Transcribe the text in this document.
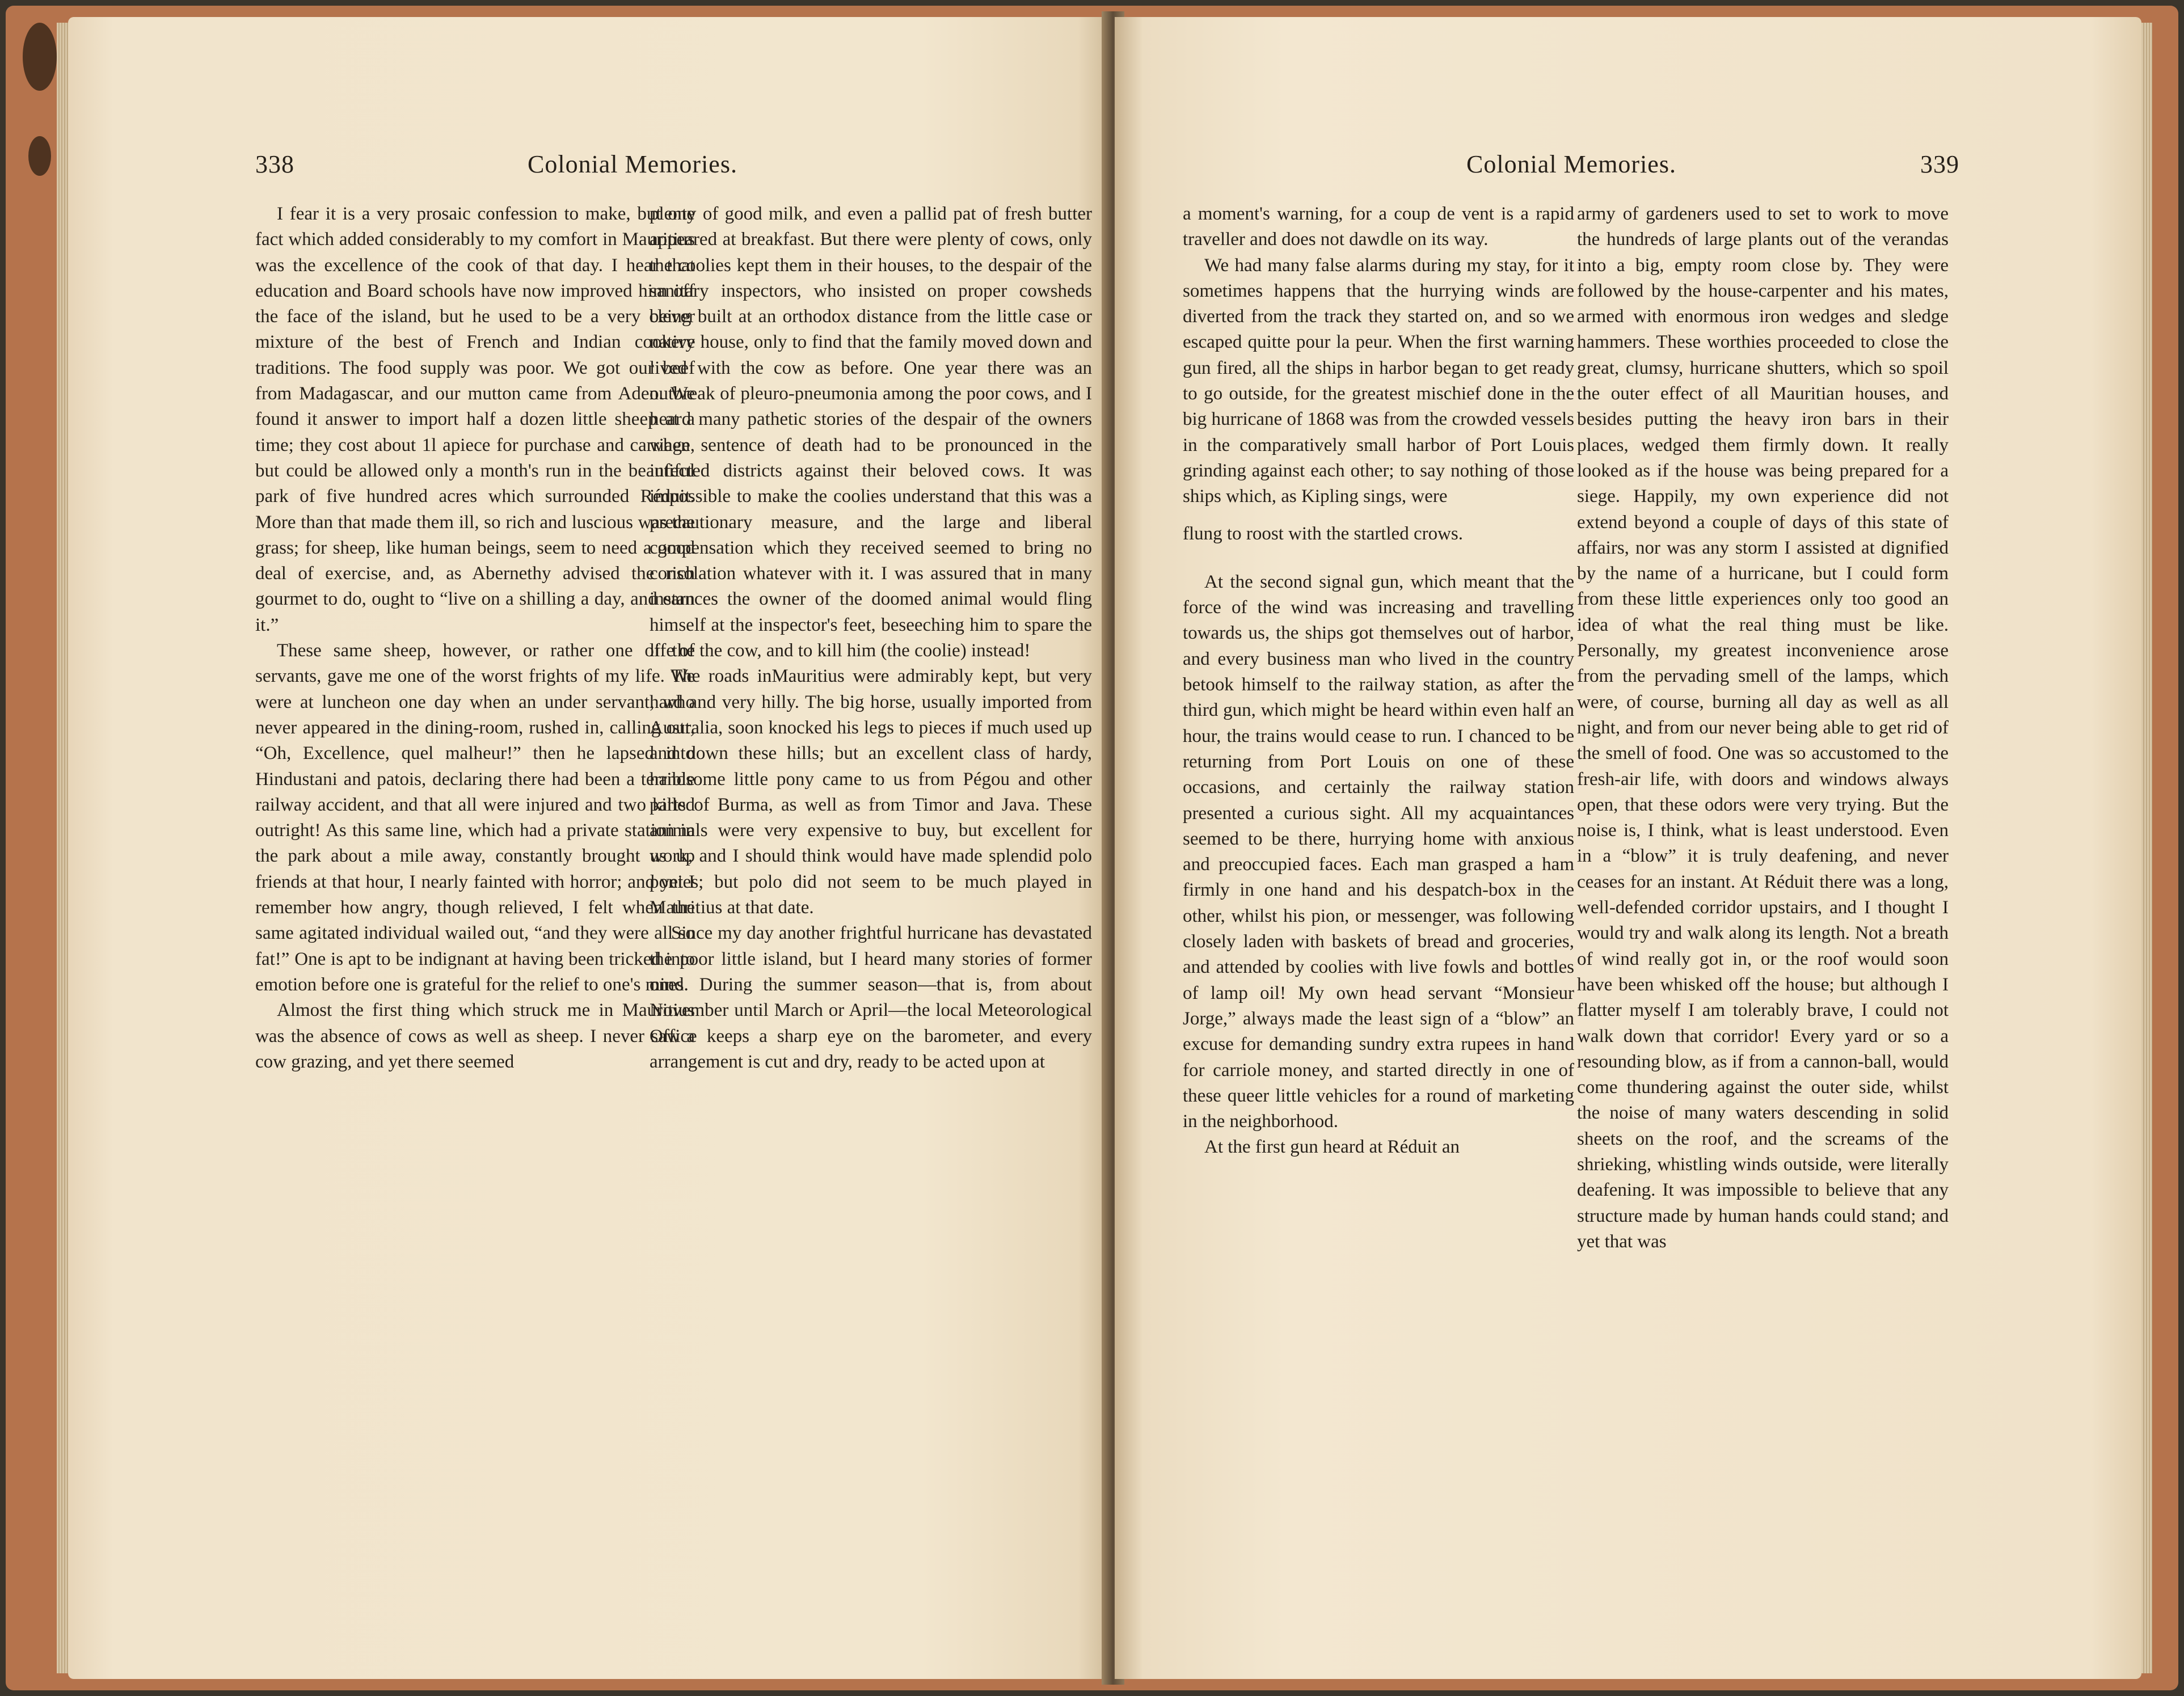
338	Colonial Memories.

I fear it is a very prosaic confession to make, but one fact which added considerably to my comfort in Mauritius was the excellence of the cook of that day. I hear that education and Board schools have now improved him off the face of the island, but he used to be a very clever mixture of the best of French and Indian cookery traditions. The food supply was poor. We got our beef from Madagascar, and our mutton came from Aden. We found it answer to import half a dozen little sheep at a time; they cost about 1l apiece for purchase and carriage, but could be allowed only a month's run in the beautiful park of five hundred acres which surrounded Réduit. More than that made them ill, so rich and luscious was the grass; for sheep, like human beings, seem to need a good deal of exercise, and, as Abernethy advised the rich gourmet to do, ought to “live on a shilling a day, and earn it.”

These same sheep, however, or rather one of the servants, gave me one of the worst frights of my life. We were at luncheon one day when an under servant, who never appeared in the dining-room, rushed in, calling out, “Oh, Excellence, quel malheur!” then he lapsed into Hindustani and patois, declaring there had been a terrible railway accident, and that all were injured and two killed outright! As this same line, which had a private station in the park about a mile away, constantly brought us up friends at that hour, I nearly fainted with horror; and yet I remember how angry, though relieved, I felt when the same agitated individual wailed out, “and they were all so fat!” One is apt to be indignant at having been tricked into emotion before one is grateful for the relief to one's mind.

Almost the first thing which struck me in Mauritius was the absence of cows as well as sheep. I never saw a cow grazing, and yet there seemed

plenty of good milk, and even a pallid pat of fresh butter appeared at breakfast. But there were plenty of cows, only the coolies kept them in their houses, to the despair of the sanitary inspectors, who insisted on proper cowsheds being built at an orthodox distance from the little case or native house, only to find that the family moved down and lived with the cow as before. One year there was an outbreak of pleuro-pneumonia among the poor cows, and I heard many pathetic stories of the despair of the owners when sentence of death had to be pronounced in the infected districts against their beloved cows. It was impossible to make the coolies understand that this was a precautionary measure, and the large and liberal compensation which they received seemed to bring no consolation whatever with it. I was assured that in many instances the owner of the doomed animal would fling himself at the inspector's feet, beseeching him to spare the life of the cow, and to kill him (the coolie) instead!

The roads inMauritius were admirably kept, but very hard and very hilly. The big horse, usually imported from Australia, soon knocked his legs to pieces if much used up and down these hills; but an excellent class of hardy, handsome little pony came to us from Pégou and other parts of Burma, as well as from Timor and Java. These animals were very expensive to buy, but excellent for work, and I should think would have made splendid polo ponies; but polo did not seem to be much played in Mauritius at that date.

Since my day another frightful hurricane has devastated the poor little island, but I heard many stories of former ones. During the summer season—that is, from about November until March or April—the local Meteorological Office keeps a sharp eye on the barometer, and every arrangement is cut and dry, ready to be acted upon at

Colonial Memories.	339

a moment's warning, for a coup de vent is a rapid traveller and does not dawdle on its way.

We had many false alarms during my stay, for it sometimes happens that the hurrying winds are diverted from the track they started on, and so we escaped quitte pour la peur. When the first warning gun fired, all the ships in harbor began to get ready to go outside, for the greatest mischief done in the big hurricane of 1868 was from the crowded vessels in the comparatively small harbor of Port Louis grinding against each other; to say nothing of those ships which, as Kipling sings, were

flung to roost with the startled crows.

At the second signal gun, which meant that the force of the wind was increasing and travelling towards us, the ships got themselves out of harbor, and every business man who lived in the country betook himself to the railway station, as after the third gun, which might be heard within even half an hour, the trains would cease to run. I chanced to be returning from Port Louis on one of these occasions, and certainly the railway station presented a curious sight. All my acquaintances seemed to be there, hurrying home with anxious and preoccupied faces. Each man grasped a ham firmly in one hand and his despatch-box in the other, whilst his pion, or messenger, was following closely laden with baskets of bread and groceries, and attended by coolies with live fowls and bottles of lamp oil! My own head servant “Monsieur Jorge,” always made the least sign of a “blow” an excuse for demanding sundry extra rupees in hand for carriole money, and started directly in one of these queer little vehicles for a round of marketing in the neighborhood.

At the first gun heard at Réduit an

army of gardeners used to set to work to move the hundreds of large plants out of the verandas into a big, empty room close by. They were followed by the house-carpenter and his mates, armed with enormous iron wedges and sledge hammers. These worthies proceeded to close the great, clumsy, hurricane shutters, which so spoil the outer effect of all Mauritian houses, and besides putting the heavy iron bars in their places, wedged them firmly down. It really looked as if the house was being prepared for a siege. Happily, my own experience did not extend beyond a couple of days of this state of affairs, nor was any storm I assisted at dignified by the name of a hurricane, but I could form from these little experiences only too good an idea of what the real thing must be like. Personally, my greatest inconvenience arose from the pervading smell of the lamps, which were, of course, burning all day as well as all night, and from our never being able to get rid of the smell of food. One was so accustomed to the fresh-air life, with doors and windows always open, that these odors were very trying. But the noise is, I think, what is least understood. Even in a “blow” it is truly deafening, and never ceases for an instant. At Réduit there was a long, well-defended corridor upstairs, and I thought I would try and walk along its length. Not a breath of wind really got in, or the roof would soon have been whisked off the house; but although I flatter myself I am tolerably brave, I could not walk down that corridor! Every yard or so a resounding blow, as if from a cannon-ball, would come thundering against the outer side, whilst the noise of many waters descending in solid sheets on the roof, and the screams of the shrieking, whistling winds outside, were literally deafening. It was impossible to believe that any structure made by human hands could stand; and yet that was
